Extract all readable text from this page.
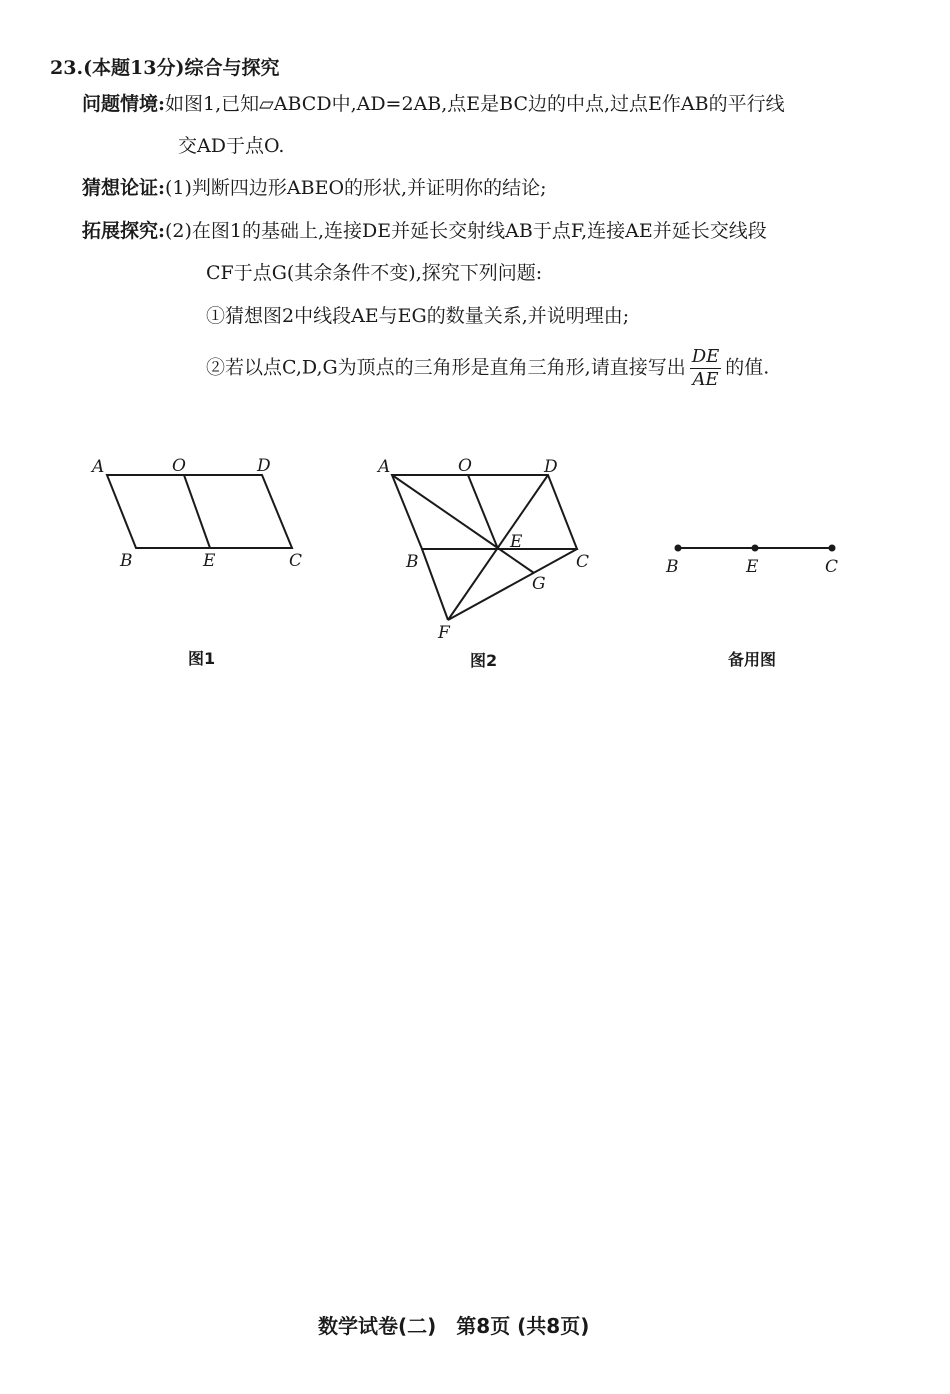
23.(本题13分)综合与探究
问题情境:如图1,已知▱ABCD中,AD=2AB,点E是BC边的中点,过点E作AB的平行线
交AD于点O.
猜想论证:(1)判断四边形ABEO的形状,并证明你的结论;
拓展探究:(2)在图1的基础上,连接DE并延长交射线AB于点F,连接AE并延长交线段
CF于点G(其余条件不变),探究下列问题:
①猜想图2中线段AE与EG的数量关系,并说明理由;
②若以点C,D,G为顶点的三角形是直角三角形,请直接写出 $\frac{DE}{AE}$ 的值.
A	O	D
B	E	C
图1
A	O	D
B
E
C
G
F
图2
B	E	C
备用图
数学试卷(二)　第8页 (共8页)
